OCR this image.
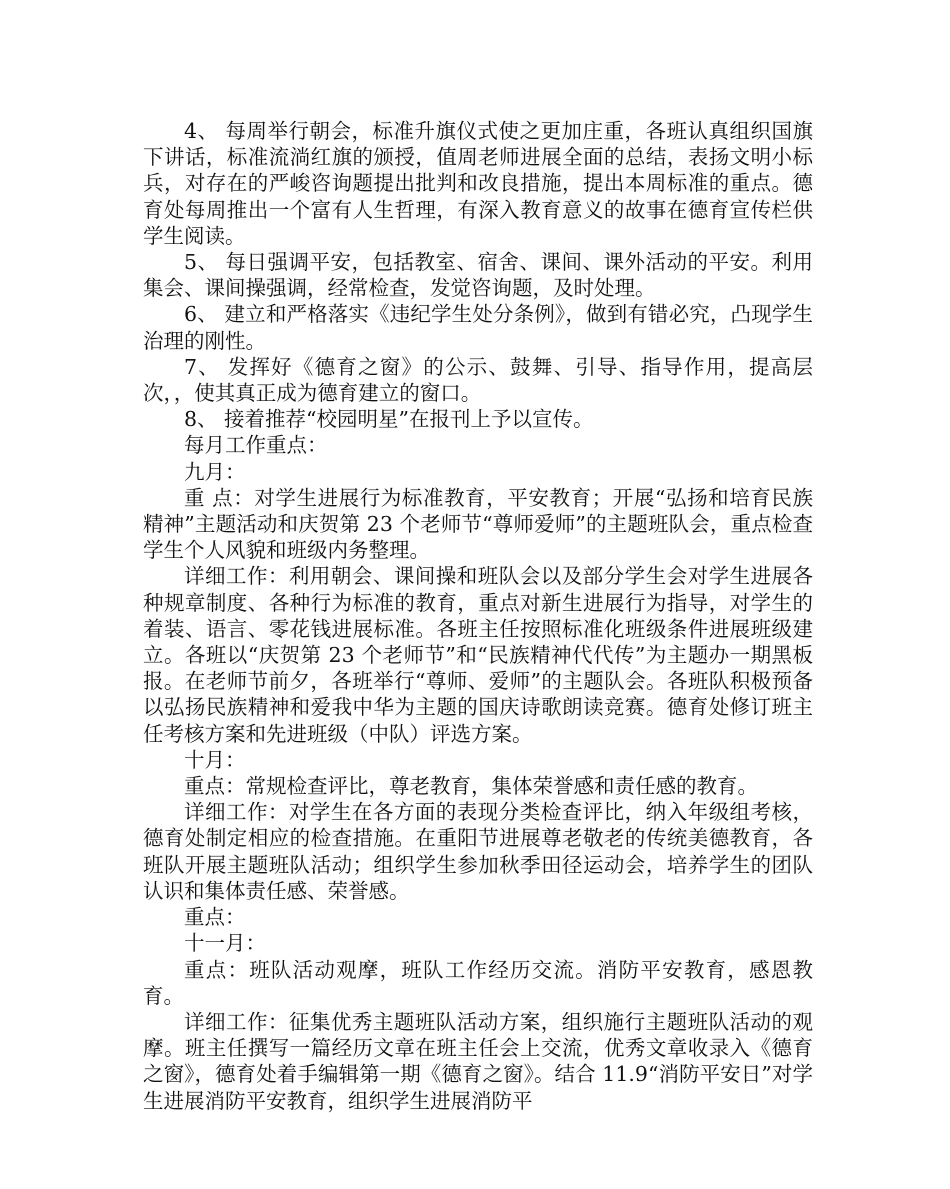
4、 每周举行朝会，标准升旗仪式使之更加庄重，各班认真组织国旗下讲话，标准流淌红旗的颁授，值周老师进展全面的总结，表扬文明小标兵，对存在的严峻咨询题提出批判和改良措施，提出本周标准的重点。德育处每周推出一个富有人生哲理，有深入教育意义的故事在德育宣传栏供学生阅读。

5、 每日强调平安，包括教室、宿舍、课间、课外活动的平安。利用集会、课间操强调，经常检查，发觉咨询题，及时处理。

6、 建立和严格落实《违纪学生处分条例》，做到有错必究，凸现学生治理的刚性。

7、 发挥好《德育之窗》的公示、鼓舞、引导、指导作用，提高层次，，使其真正成为德育建立的窗口。

8、 接着推荐“校园明星”在报刊上予以宣传。

每月工作重点：

九月：

重 点：对学生进展行为标准教育，平安教育；开展“弘扬和培育民族精神”主题活动和庆贺第 23 个老师节“尊师爱师”的主题班队会，重点检查学生个人风貌和班级内务整理。

详细工作：利用朝会、课间操和班队会以及部分学生会对学生进展各种规章制度、各种行为标准的教育，重点对新生进展行为指导，对学生的着装、语言、零花钱进展标准。各班主任按照标准化班级条件进展班级建立。各班以“庆贺第 23 个老师节”和“民族精神代代传”为主题办一期黑板报。在老师节前夕，各班举行“尊师、爱师”的主题队会。各班队积极预备以弘扬民族精神和爱我中华为主题的国庆诗歌朗读竞赛。德育处修订班主任考核方案和先进班级（中队）评选方案。

十月：

重点：常规检查评比，尊老教育，集体荣誉感和责任感的教育。

详细工作：对学生在各方面的表现分类检查评比，纳入年级组考核，德育处制定相应的检查措施。在重阳节进展尊老敬老的传统美德教育，各班队开展主题班队活动；组织学生参加秋季田径运动会，培养学生的团队认识和集体责任感、荣誉感。

重点：

十一月：

重点：班队活动观摩，班队工作经历交流。消防平安教育，感恩教育。

详细工作：征集优秀主题班队活动方案，组织施行主题班队活动的观摩。班主任撰写一篇经历文章在班主任会上交流，优秀文章收录入《德育之窗》，德育处着手编辑第一期《德育之窗》。结合 11.9“消防平安日”对学生进展消防平安教育，组织学生进展消防平
